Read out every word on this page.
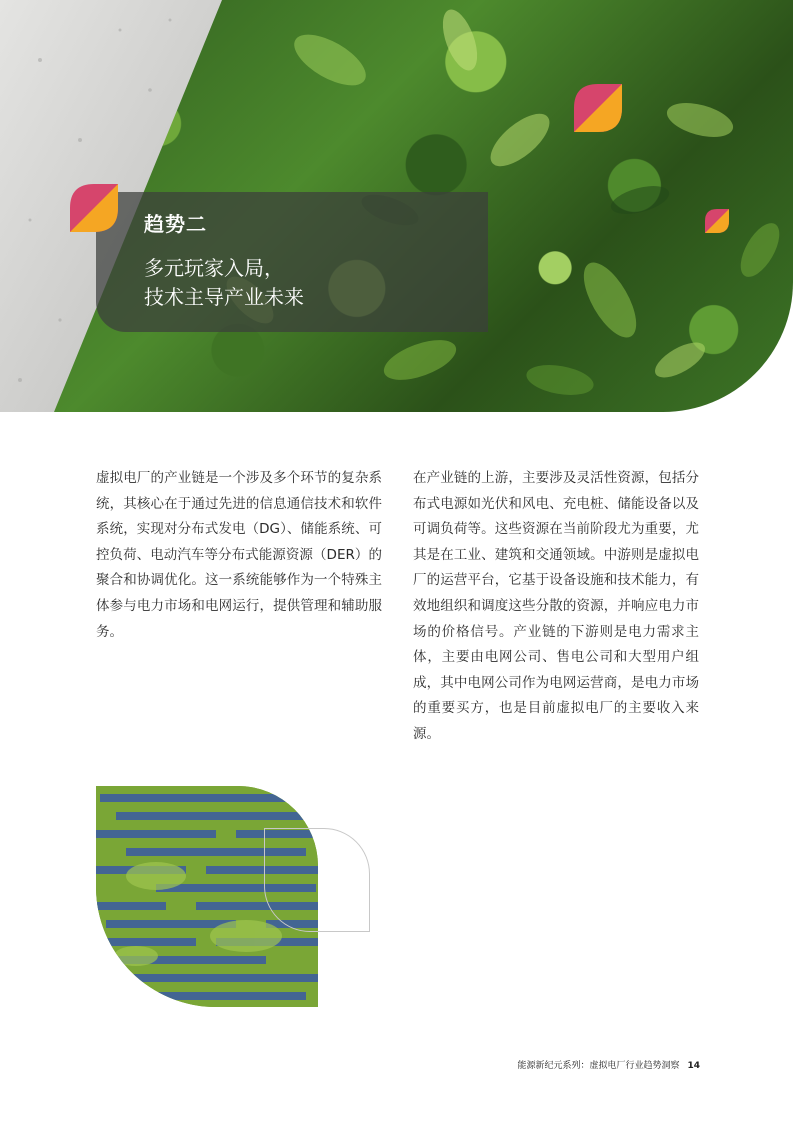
趋势二
多元玩家入局，
技术主导产业未来
虚拟电厂的产业链是一个涉及多个环节的复杂系统，其核心在于通过先进的信息通信技术和软件系统，实现对分布式发电（DG）、储能系统、可控负荷、电动汽车等分布式能源资源（DER）的聚合和协调优化。这一系统能够作为一个特殊主体参与电力市场和电网运行，提供管理和辅助服务。
在产业链的上游，主要涉及灵活性资源，包括分布式电源如光伏和风电、充电桩、储能设备以及可调负荷等。这些资源在当前阶段尤为重要，尤其是在工业、建筑和交通领域。中游则是虚拟电厂的运营平台，它基于设备设施和技术能力，有效地组织和调度这些分散的资源，并响应电力市场的价格信号。产业链的下游则是电力需求主体，主要由电网公司、售电公司和大型用户组成，其中电网公司作为电网运营商，是电力市场的重要买方，也是目前虚拟电厂的主要收入来源。
能源新纪元系列：虚拟电厂行业趋势洞察 14
